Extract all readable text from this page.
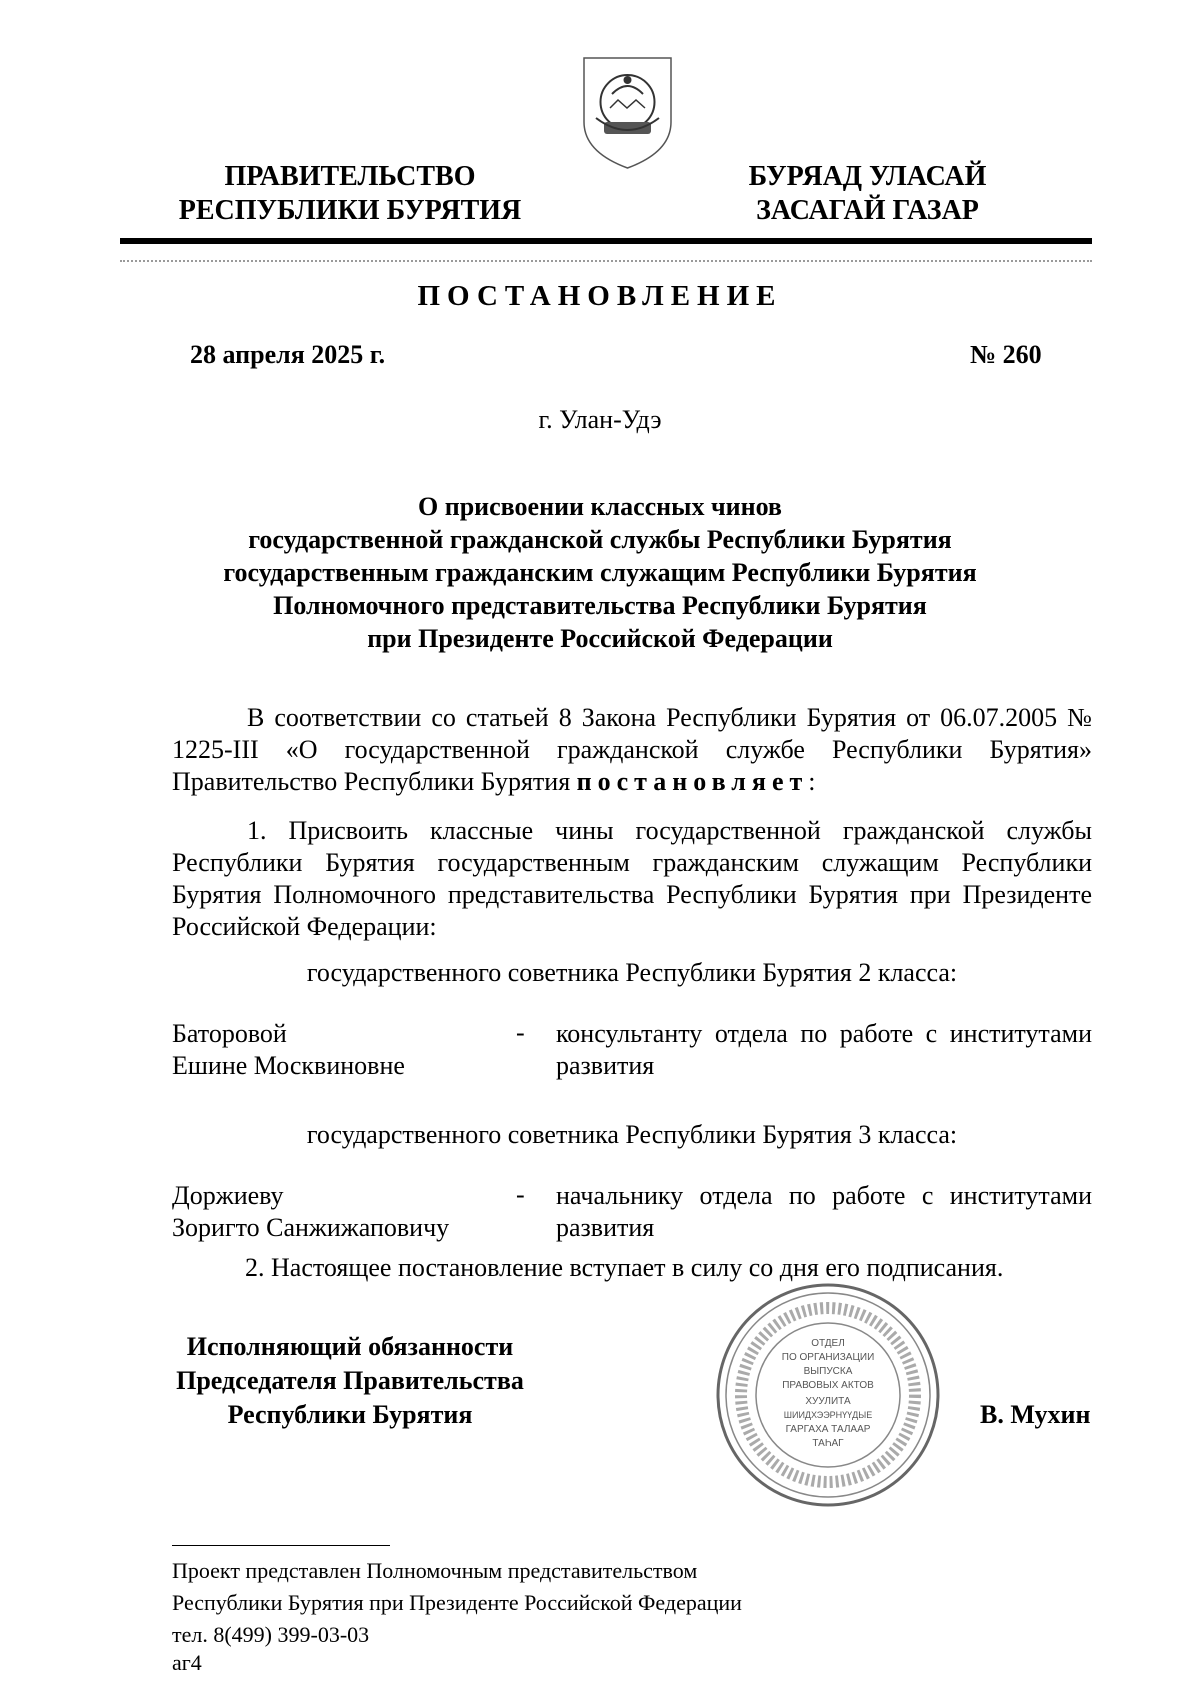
ПРАВИТЕЛЬСТВО
РЕСПУБЛИКИ БУРЯТИЯ
БУРЯАД УЛАСАЙ
ЗАСАГАЙ ГАЗАР
ПОСТАНОВЛЕНИЕ
28 апреля 2025 г.	№ 260
г. Улан-Удэ
О присвоении классных чинов
государственной гражданской службы Республики Бурятия
государственным гражданским служащим Республики Бурятия
Полномочного представительства Республики Бурятия
при Президенте Российской Федерации
В соответствии со статьей 8 Закона Республики Бурятия от 06.07.2005 № 1225-III «О государственной гражданской службе Республики Бурятия» Правительство Республики Бурятия постановляет:
1. Присвоить классные чины государственной гражданской службы Республики Бурятия государственным гражданским служащим Республики Бурятия Полномочного представительства Республики Бурятия при Президенте Российской Федерации:
государственного советника Республики Бурятия 2 класса:
Баторовой
Ешине Москвиновне
- консультанту отдела по работе с институтами развития
государственного советника Республики Бурятия 3 класса:
Доржиеву
Зоригто Санжижаповичу
- начальнику отдела по работе с институтами развития
2. Настоящее постановление вступает в силу со дня его подписания.
Исполняющий обязанности
Председателя Правительства
Республики Бурятия
ОТДЕЛ
ПО ОРГАНИЗАЦИИ
ВЫПУСКА
ПРАВОВЫХ АКТОВ
ХУУЛИТА
ШИИДХЭЭРНҮҮДЫЕ
ГАРГАХА ТАЛААР
ТАҺАГ
В. Мухин
Проект представлен Полномочным представительством
Республики Бурятия при Президенте Российской Федерации
тел. 8(499) 399-03-03
аг4
